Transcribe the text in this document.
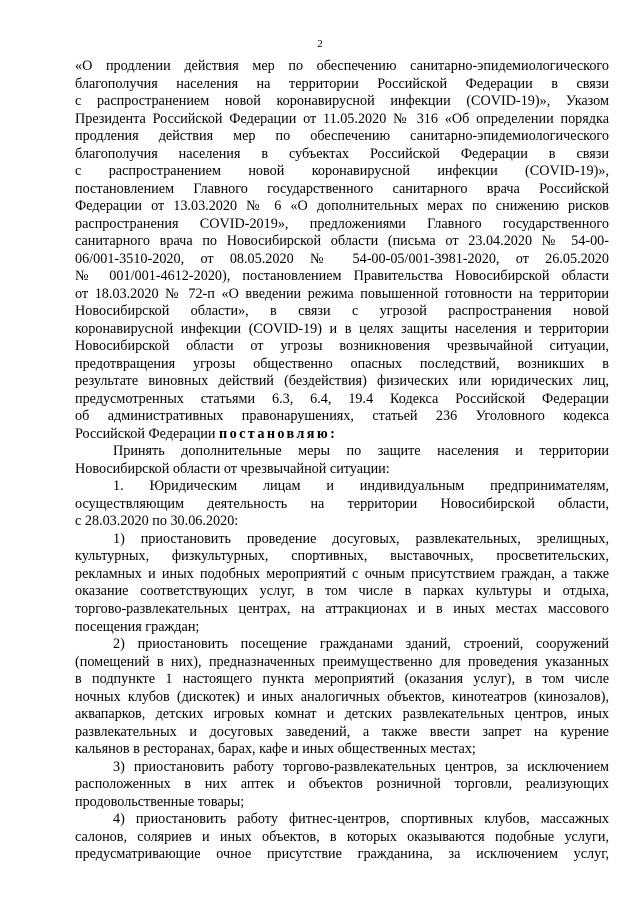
2
«О продлении действия мер по обеспечению санитарно-эпидемиологического
благополучия населения на территории Российской Федерации в связи
с распространением новой коронавирусной инфекции (COVID-19)», Указом
Президента Российской Федерации от 11.05.2020 № 316 «Об определении порядка
продления действия мер по обеспечению санитарно-эпидемиологического
благополучия населения в субъектах Российской Федерации в связи
с распространением новой коронавирусной инфекции (COVID-19)»,
постановлением Главного государственного санитарного врача Российской
Федерации от 13.03.2020 № 6 «О дополнительных мерах по снижению рисков
распространения COVID-2019», предложениями Главного государственного
санитарного врача по Новосибирской области (письма от 23.04.2020 № 54-00-
06/001-3510-2020, от 08.05.2020 № 54-00-05/001-3981-2020, от 26.05.2020
№ 001/001-4612-2020), постановлением Правительства Новосибирской области
от 18.03.2020 № 72-п «О введении режима повышенной готовности на территории
Новосибирской области», в связи с угрозой распространения новой
коронавирусной инфекции (COVID-19) и в целях защиты населения и территории
Новосибирской области от угрозы возникновения чрезвычайной ситуации,
предотвращения угрозы общественно опасных последствий, возникших в
результате виновных действий (бездействия) физических или юридических лиц,
предусмотренных статьями 6.3, 6.4, 19.4 Кодекса Российской Федерации
об административных правонарушениях, статьей 236 Уголовного кодекса
Российской Федерации постановляю:
Принять дополнительные меры по защите населения и территории
Новосибирской области от чрезвычайной ситуации:
1. Юридическим лицам и индивидуальным предпринимателям,
осуществляющим деятельность на территории Новосибирской области,
с 28.03.2020 по 30.06.2020:
1) приостановить проведение досуговых, развлекательных, зрелищных,
культурных, физкультурных, спортивных, выставочных, просветительских,
рекламных и иных подобных мероприятий с очным присутствием граждан, а также
оказание соответствующих услуг, в том числе в парках культуры и отдыха,
торгово-развлекательных центрах, на аттракционах и в иных местах массового
посещения граждан;
2) приостановить посещение гражданами зданий, строений, сооружений
(помещений в них), предназначенных преимущественно для проведения указанных
в подпункте 1 настоящего пункта мероприятий (оказания услуг), в том числе
ночных клубов (дискотек) и иных аналогичных объектов, кинотеатров (кинозалов),
аквапарков, детских игровых комнат и детских развлекательных центров, иных
развлекательных и досуговых заведений, а также ввести запрет на курение
кальянов в ресторанах, барах, кафе и иных общественных местах;
3) приостановить работу торгово-развлекательных центров, за исключением
расположенных в них аптек и объектов розничной торговли, реализующих
продовольственные товары;
4) приостановить работу фитнес-центров, спортивных клубов, массажных
салонов, соляриев и иных объектов, в которых оказываются подобные услуги,
предусматривающие очное присутствие гражданина, за исключением услуг,
